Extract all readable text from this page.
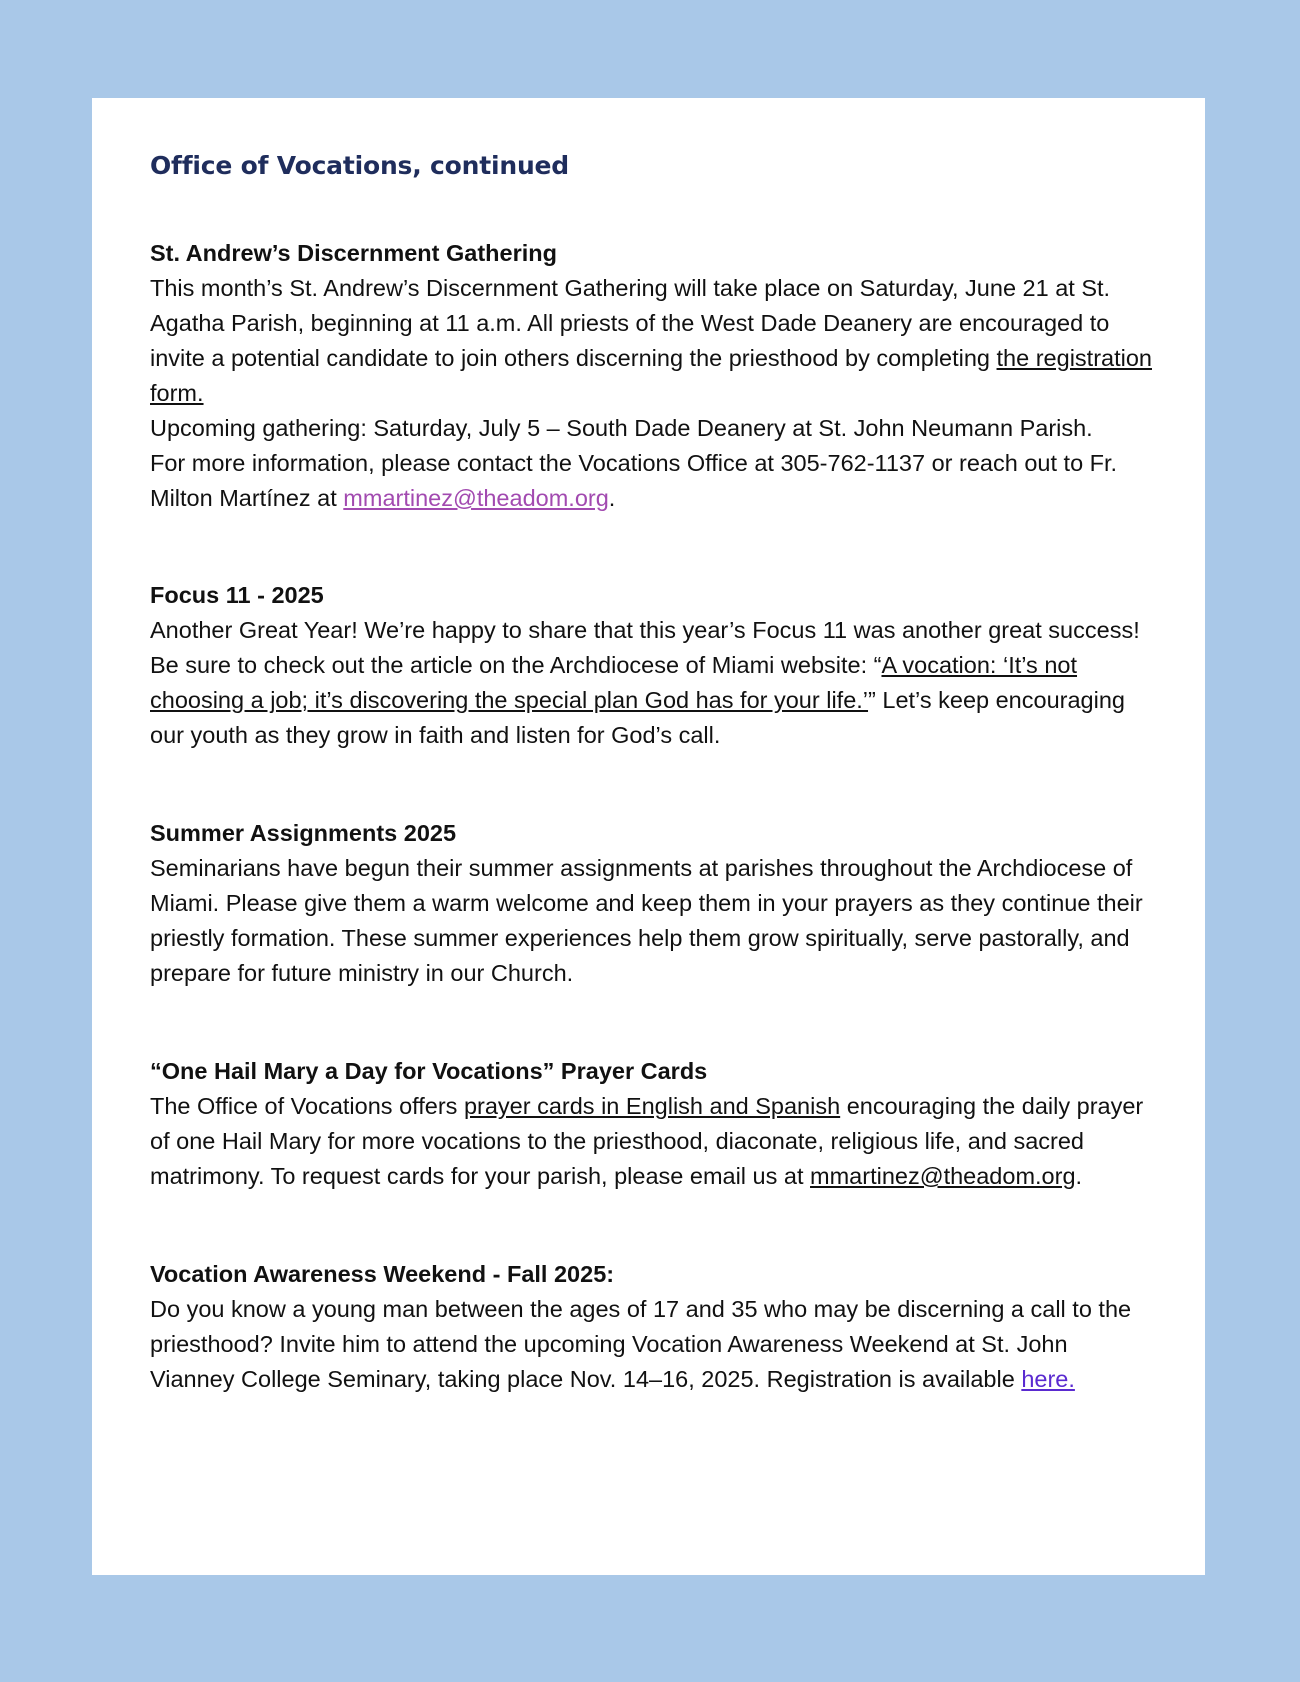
Office of Vocations, continued

St. Andrew’s Discernment Gathering

This month’s St. Andrew’s Discernment Gathering will take place on Saturday, June 21 at St. Agatha Parish, beginning at 11 a.m. All priests of the West Dade Deanery are encouraged to invite a potential candidate to join others discerning the priesthood by completing the registration form.

Upcoming gathering: Saturday, July 5 – South Dade Deanery at St. John Neumann Parish.

For more information, please contact the Vocations Office at 305-762-1137 or reach out to Fr. Milton Martínez at mmartinez@theadom.org.

Focus 11 - 2025

Another Great Year! We’re happy to share that this year’s Focus 11 was another great success! Be sure to check out the article on the Archdiocese of Miami website: “A vocation: ‘It’s not choosing a job; it’s discovering the special plan God has for your life.’” Let’s keep encouraging our youth as they grow in faith and listen for God’s call.

Summer Assignments 2025

Seminarians have begun their summer assignments at parishes throughout the Archdiocese of Miami. Please give them a warm welcome and keep them in your prayers as they continue their priestly formation. These summer experiences help them grow spiritually, serve pastorally, and prepare for future ministry in our Church.

“One Hail Mary a Day for Vocations” Prayer Cards

The Office of Vocations offers prayer cards in English and Spanish encouraging the daily prayer of one Hail Mary for more vocations to the priesthood, diaconate, religious life, and sacred matrimony. To request cards for your parish, please email us at mmartinez@theadom.org.

Vocation Awareness Weekend - Fall 2025:

Do you know a young man between the ages of 17 and 35 who may be discerning a call to the priesthood? Invite him to attend the upcoming Vocation Awareness Weekend at St. John Vianney College Seminary, taking place Nov. 14–16, 2025. Registration is available here.
